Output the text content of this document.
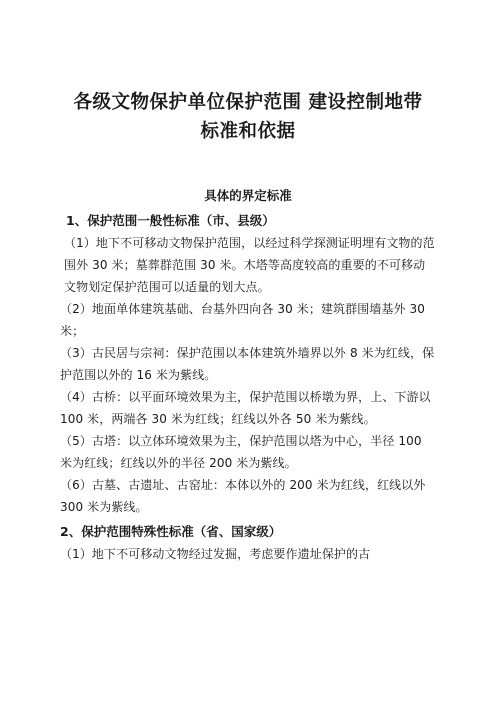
各级文物保护单位保护范围 建设控制地带
标准和依据

具体的界定标准

1、保护范围一般性标准（市、县级）

（1）地下不可移动文物保护范围，以经过科学探测证明埋有文物的范围外 30 米；墓葬群范围 30 米。木塔等高度较高的重要的不可移动文物划定保护范围可以适量的划大点。

（2）地面单体建筑基础、台基外四向各 30 米；建筑群围墙基外 30 米；

（3）古民居与宗祠：保护范围以本体建筑外墙界以外 8 米为红线，保护范围以外的 16 米为紫线。

（4）古桥：以平面环境效果为主，保护范围以桥墩为界，上、下游以 100 米，两端各 30 米为红线；红线以外各 50 米为紫线。

（5）古塔：以立体环境效果为主，保护范围以塔为中心，半径 100 米为红线；红线以外的半径 200 米为紫线。

（6）古墓、古遗址、古窑址：本体以外的 200 米为红线，红线以外 300 米为紫线。

2、保护范围特殊性标准（省、国家级）

（1）地下不可移动文物经过发掘，考虑要作遗址保护的古
